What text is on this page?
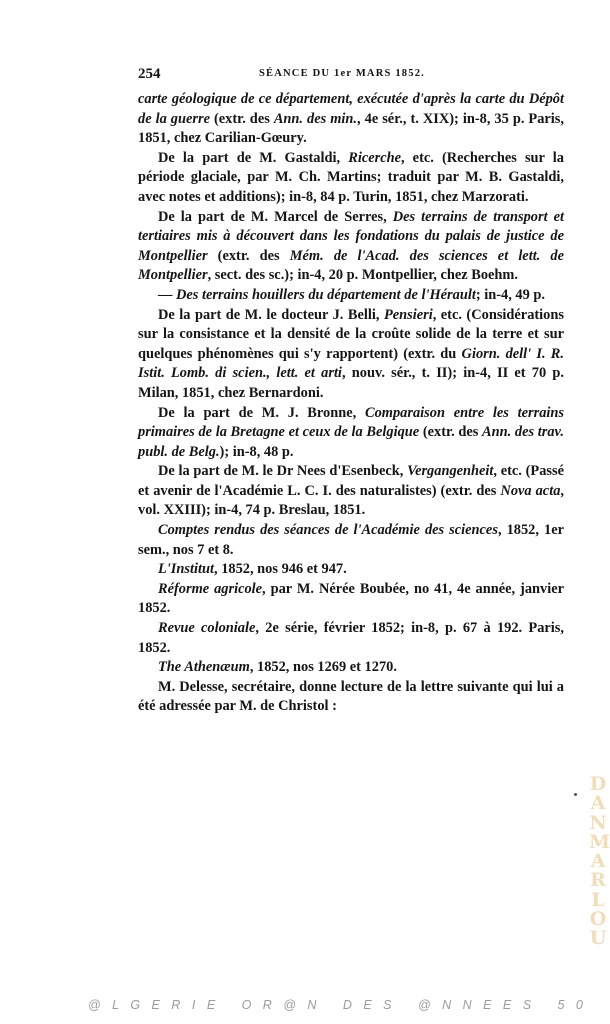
254	SÉANCE DU 1er MARS 1852.

carte géologique de ce département, exécutée d'après la carte du Dépôt de la guerre (extr. des Ann. des min., 4e sér., t. XIX); in-8, 35 p. Paris, 1851, chez Carilian-Gœury.

De la part de M. Gastaldi, Ricerche, etc. (Recherches sur la période glaciale, par M. Ch. Martins; traduit par M. B. Gastaldi, avec notes et additions); in-8, 84 p. Turin, 1851, chez Marzorati.

De la part de M. Marcel de Serres, Des terrains de transport et tertiaires mis à découvert dans les fondations du palais de justice de Montpellier (extr. des Mém. de l'Acad. des sciences et lett. de Montpellier, sect. des sc.); in-4, 20 p. Montpellier, chez Boehm.

— Des terrains houillers du département de l'Hérault; in-4, 49 p.

De la part de M. le docteur J. Belli, Pensieri, etc. (Considérations sur la consistance et la densité de la croûte solide de la terre et sur quelques phénomènes qui s'y rapportent) (extr. du Giorn. dell' I. R. Istit. Lomb. di scien., lett. et arti, nouv. sér., t. II); in-4, II et 70 p. Milan, 1851, chez Bernardoni.

De la part de M. J. Bronne, Comparaison entre les terrains primaires de la Bretagne et ceux de la Belgique (extr. des Ann. des trav. publ. de Belg.); in-8, 48 p.

De la part de M. le Dr Nees d'Esenbeck, Vergangenheit, etc. (Passé et avenir de l'Académie L. C. I. des naturalistes) (extr. des Nova acta, vol. XXIII); in-4, 74 p. Breslau, 1851.

Comptes rendus des séances de l'Académie des sciences, 1852, 1er sem., nos 7 et 8.

L'Institut, 1852, nos 946 et 947.

Réforme agricole, par M. Nérée Boubée, no 41, 4e année, janvier 1852.

Revue coloniale, 2e série, février 1852; in-8, p. 67 à 192. Paris, 1852.

The Athenæum, 1852, nos 1269 et 1270.

M. Delesse, secrétaire, donne lecture de la lettre suivante qui lui a été adressée par M. de Christol :

D
A
N
M
A
R
L
O
U
@ L G E R I E   O R @ N   D E S   @ N N E E S   5 0
